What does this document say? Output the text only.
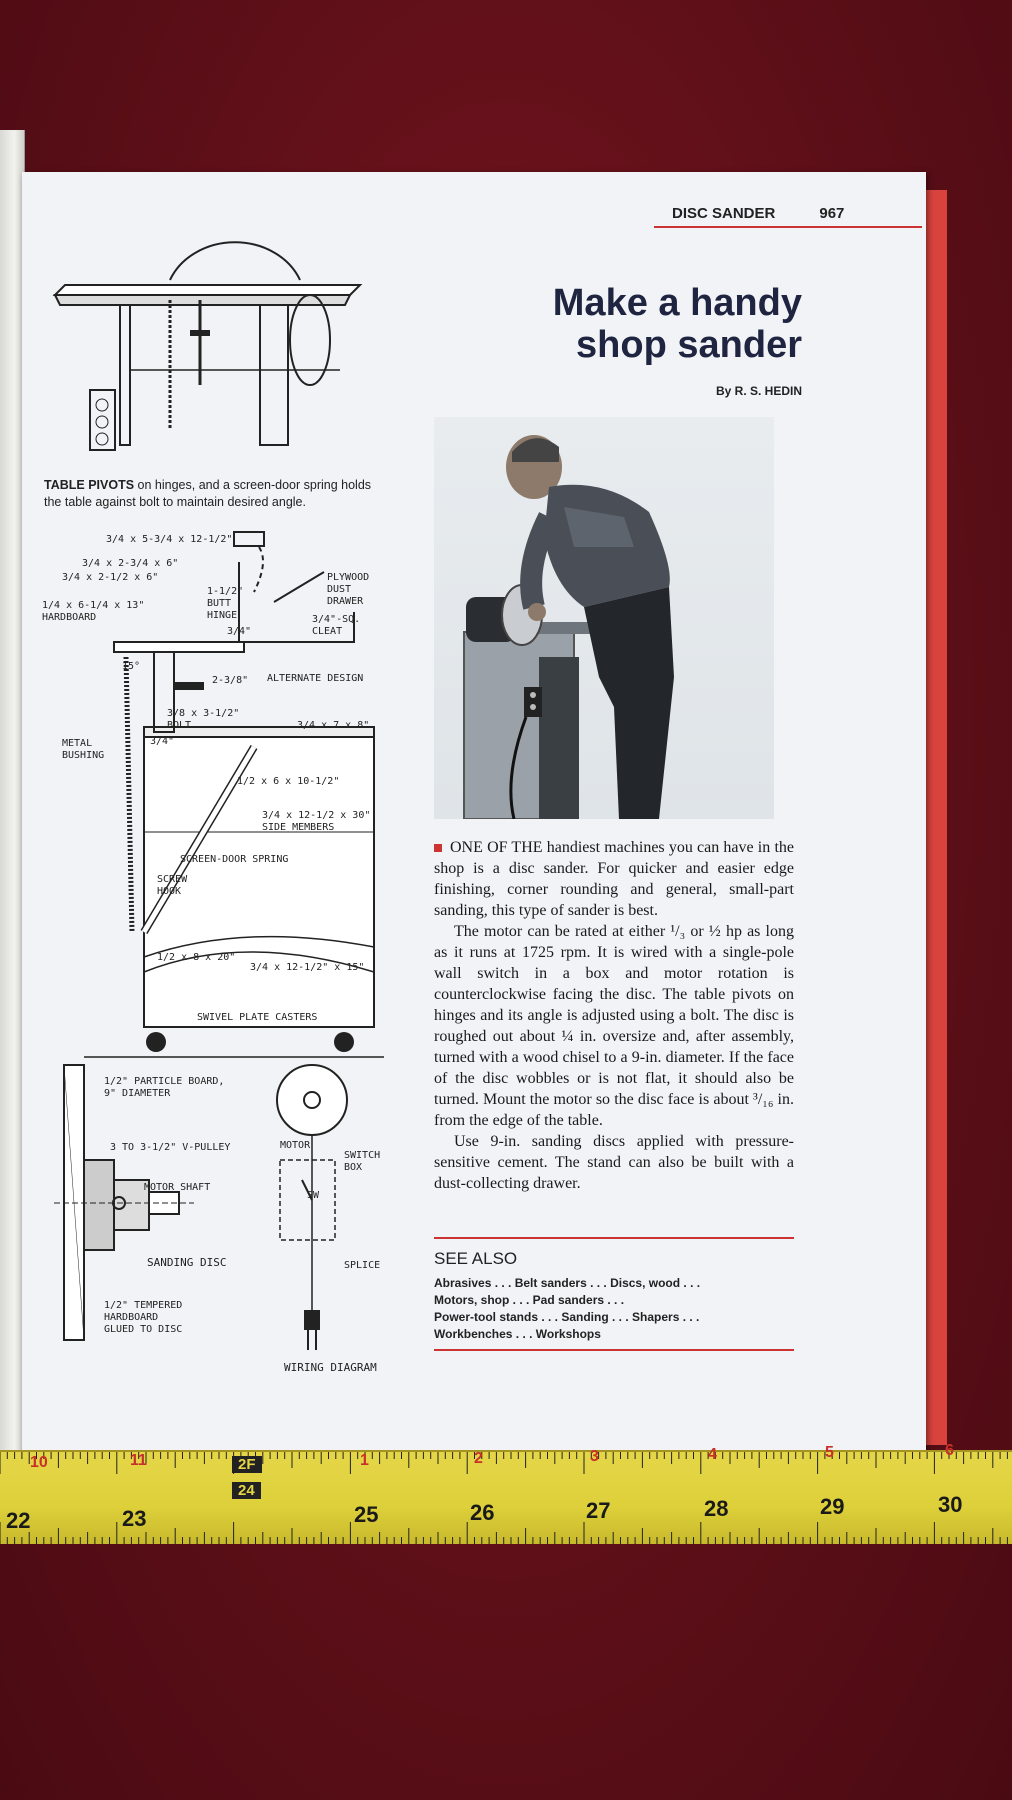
DISC SANDER	967
Make a handy
shop sander
By R. S. HEDIN

ONE OF THE handiest machines you can have in the shop is a disc sander. For quicker and easier edge finishing, corner rounding and general, small-part sanding, this type of sander is best.

The motor can be rated at either ¹/₃ or ½ hp as long as it runs at 1725 rpm. It is wired with a single-pole wall switch in a box and motor rotation is counterclockwise facing the disc. The table pivots on hinges and its angle is adjusted using a bolt. The disc is roughed out about ¼ in. oversize and, after assembly, turned with a wood chisel to a 9-in. diameter. If the face of the disc wobbles or is not flat, it should also be turned. Mount the motor so the disc face is about ³/₁₆ in. from the edge of the table.

Use 9-in. sanding discs applied with pressure-sensitive cement. The stand can also be built with a dust-collecting drawer.

SEE ALSO
Abrasives . . . Belt sanders . . . Discs, wood . . .
Motors, shop . . . Pad sanders . . .
Power-tool stands . . . Sanding . . . Shapers . . .
Workbenches . . . Workshops
TABLE PIVOTS on hinges, and a screen-door spring holds the table against bolt to maintain desired angle.
3/4 x 5-3/4 x 12-1/2"
3/4 x 2-3/4 x 6"
3/4 x 2-1/2 x 6"
1/4 x 6-1/4 x 13"
HARDBOARD
1-1/2"
BUTT
HINGE
3/4"
PLYWOOD
DUST
DRAWER
3/4"-SQ.
CLEAT
15°
2-3/8" ALTERNATE DESIGN
3/8 x 3-1/2"
BOLT
3/4"
3/4 x 7 x 8"
METAL
BUSHING
1/2 x 6 x 10-1/2"
3/4 x 12-1/2 x 30"
SIDE MEMBERS
SCREEN-DOOR SPRING
SCREW
HOOK
1/2 x 8 x 20"
3/4 x 12-1/2" x 15"
SWIVEL PLATE CASTERS
1/2" PARTICLE BOARD,
9" DIAMETER
3 TO 3-1/2" V-PULLEY
MOTOR SHAFT
SANDING DISC
1/2" TEMPERED
HARDBOARD
GLUED TO DISC
MOTOR
SWITCH
BOX
SW
SPLICE
WIRING DIAGRAM
10	11	2F	1	2	3	4	5	6
22	23
24
25	26	27	28	29	30
